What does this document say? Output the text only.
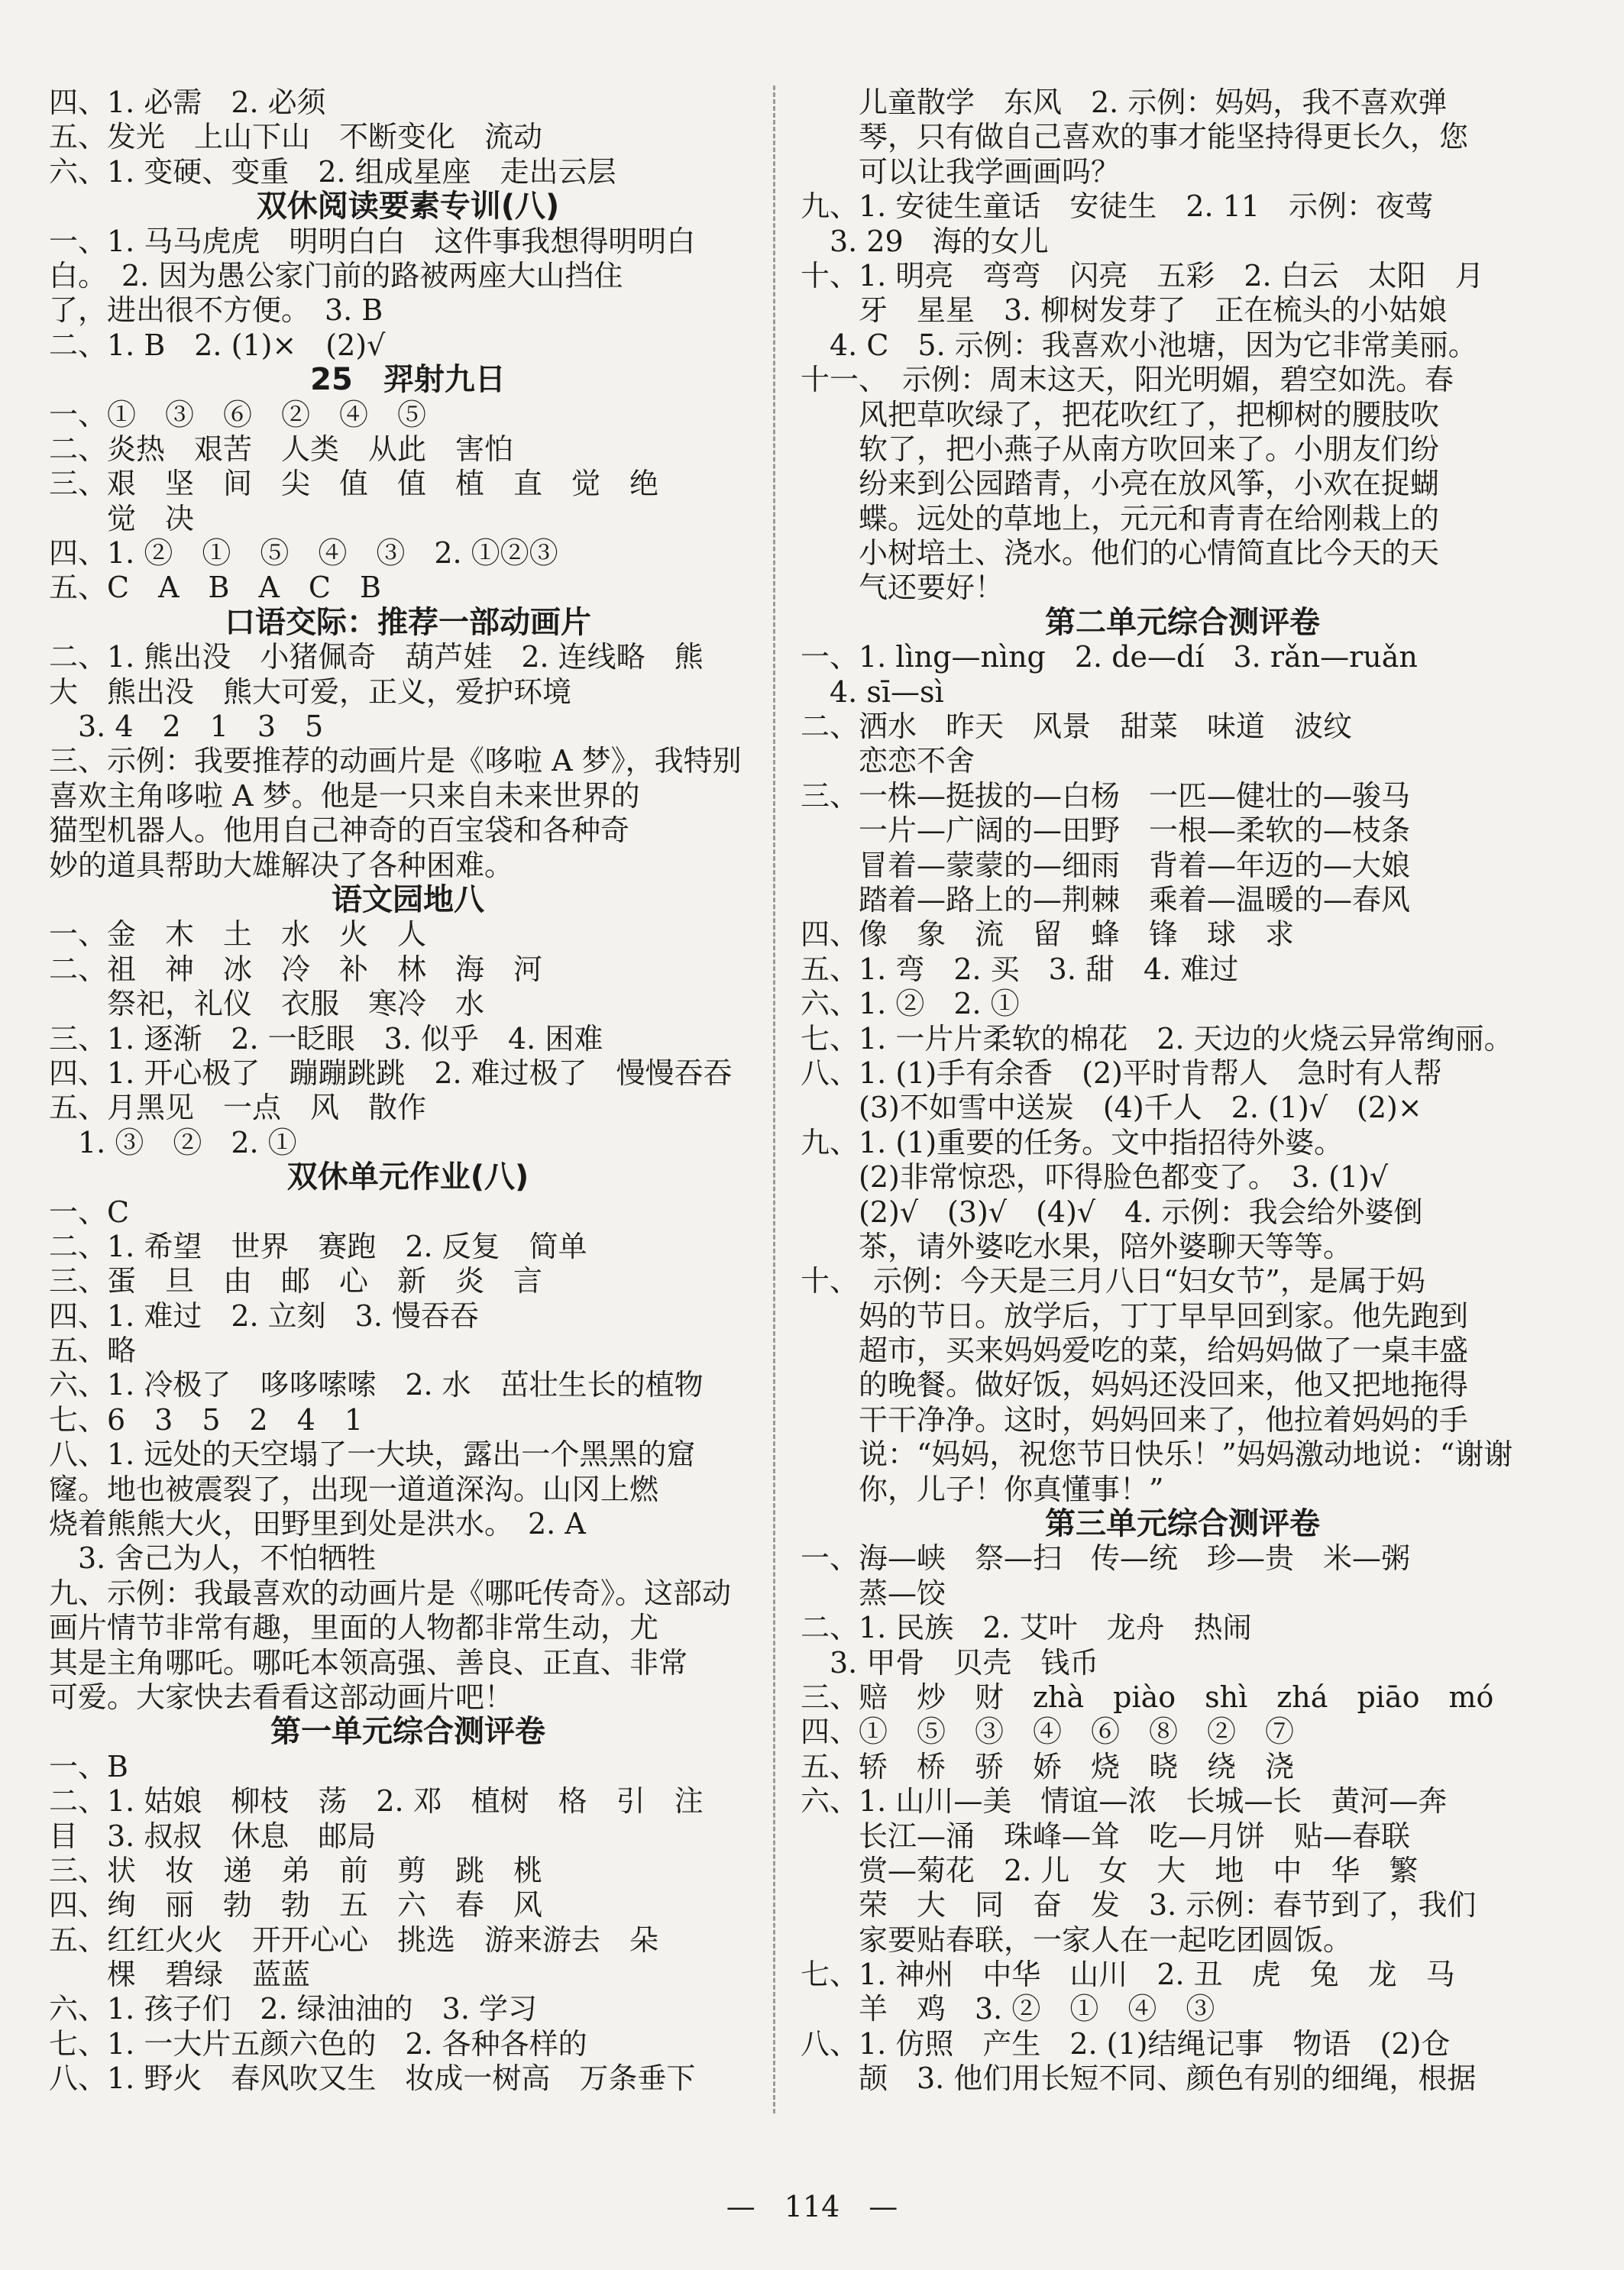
四、1. 必需　2. 必须
五、发光　上山下山　不断变化　流动
六、1. 变硬、变重　2. 组成星座　走出云层
双休阅读要素专训(八)
一、1. 马马虎虎　明明白白　这件事我想得明明白
白。　2. 因为愚公家门前的路被两座大山挡住
了，进出很不方便。　3. B
二、1. B　2. (1)×　(2)√
25　羿射九日
一、①　③　⑥　②　④　⑤
二、炎热　艰苦　人类　从此　害怕
三、艰　坚　间　尖　值　值　植　直　觉　绝
　　觉　决
四、1. ②　①　⑤　④　③　2. ①②③
五、C　A　B　A　C　B
口语交际：推荐一部动画片
二、1. 熊出没　小猪佩奇　葫芦娃　2. 连线略　熊
大　熊出没　熊大可爱，正义，爱护环境
　3. 4　2　1　3　5
三、示例：我要推荐的动画片是《哆啦 A 梦》，我特别
喜欢主角哆啦 A 梦。他是一只来自未来世界的
猫型机器人。他用自己神奇的百宝袋和各种奇
妙的道具帮助大雄解决了各种困难。
语文园地八
一、金　木　土　水　火　人
二、祖　神　冰　冷　补　林　海　河
　　祭祀，礼仪　衣服　寒冷　水
三、1. 逐渐　2. 一眨眼　3. 似乎　4. 困难
四、1. 开心极了　蹦蹦跳跳　2. 难过极了　慢慢吞吞
五、月黑见　一点　风　散作
　1. ③　②　2. ①
双休单元作业(八)
一、C
二、1. 希望　世界　赛跑　2. 反复　简单
三、蛋　旦　由　邮　心　新　炎　言
四、1. 难过　2. 立刻　3. 慢吞吞
五、略
六、1. 冷极了　哆哆嗦嗦　2. 水　茁壮生长的植物
七、6　3　5　2　4　1
八、1. 远处的天空塌了一大块，露出一个黑黑的窟
窿。地也被震裂了，出现一道道深沟。山冈上燃
烧着熊熊大火，田野里到处是洪水。　2. A
　3. 舍己为人，不怕牺牲
九、示例：我最喜欢的动画片是《哪吒传奇》。这部动
画片情节非常有趣，里面的人物都非常生动，尤
其是主角哪吒。哪吒本领高强、善良、正直、非常
可爱。大家快去看看这部动画片吧！
第一单元综合测评卷
一、B
二、1. 姑娘　柳枝　荡　2. 邓　植树　格　引　注
目　3. 叔叔　休息　邮局
三、状　妆　递　弟　前　剪　跳　桃
四、绚　丽　勃　勃　五　六　春　风
五、红红火火　开开心心　挑选　游来游去　朵
　　棵　碧绿　蓝蓝
六、1. 孩子们　2. 绿油油的　3. 学习
七、1. 一大片五颜六色的　2. 各种各样的
八、1. 野火　春风吹又生　妆成一树高　万条垂下
　　儿童散学　东风　2. 示例：妈妈，我不喜欢弹
　　琴，只有做自己喜欢的事才能坚持得更长久，您
　　可以让我学画画吗？
九、1. 安徒生童话　安徒生　2. 11　示例：夜莺
　3. 29　海的女儿
十、1. 明亮　弯弯　闪亮　五彩　2. 白云　太阳　月
　　牙　星星　3. 柳树发芽了　正在梳头的小姑娘
　4. C　5. 示例：我喜欢小池塘，因为它非常美丽。
十一、　示例：周末这天，阳光明媚，碧空如洗。春
　　风把草吹绿了，把花吹红了，把柳树的腰肢吹
　　软了，把小燕子从南方吹回来了。小朋友们纷
　　纷来到公园踏青，小亮在放风筝，小欢在捉蝴
　　蝶。远处的草地上，元元和青青在给刚栽上的
　　小树培土、浇水。他们的心情简直比今天的天
　　气还要好！
第二单元综合测评卷
一、1. lìng—nìng　2. de—dí　3. rǎn—ruǎn
　4. sī—sì
二、洒水　昨天　风景　甜菜　味道　波纹
　　恋恋不舍
三、一株—挺拔的—白杨　一匹—健壮的—骏马
　　一片—广阔的—田野　一根—柔软的—枝条
　　冒着—蒙蒙的—细雨　背着—年迈的—大娘
　　踏着—路上的—荆棘　乘着—温暖的—春风
四、像　象　流　留　蜂　锋　球　求
五、1. 弯　2. 买　3. 甜　4. 难过
六、1. ②　2. ①
七、1. 一片片柔软的棉花　2. 天边的火烧云异常绚丽。
八、1. (1)手有余香　(2)平时肯帮人　急时有人帮
　　(3)不如雪中送炭　(4)千人　2. (1)√　(2)×
九、1. (1)重要的任务。文中指招待外婆。
　　(2)非常惊恐，吓得脸色都变了。　3. (1)√
　　(2)√　(3)√　(4)√　4. 示例：我会给外婆倒
　　茶，请外婆吃水果，陪外婆聊天等等。
十、　示例：今天是三月八日“妇女节”，是属于妈
　　妈的节日。放学后，丁丁早早回到家。他先跑到
　　超市，买来妈妈爱吃的菜，给妈妈做了一桌丰盛
　　的晚餐。做好饭，妈妈还没回来，他又把地拖得
　　干干净净。这时，妈妈回来了，他拉着妈妈的手
　　说：“妈妈，祝您节日快乐！”妈妈激动地说：“谢谢
　　你，儿子！你真懂事！”
第三单元综合测评卷
一、海—峡　祭—扫　传—统　珍—贵　米—粥
　　蒸—饺
二、1. 民族　2. 艾叶　龙舟　热闹
　3. 甲骨　贝壳　钱币
三、赔　炒　财　zhà　piào　shì　zhá　piāo　mó
四、①　⑤　③　④　⑥　⑧　②　⑦
五、轿　桥　骄　娇　烧　晓　绕　浇
六、1. 山川—美　情谊—浓　长城—长　黄河—奔
　　长江—涌　珠峰—耸　吃—月饼　贴—春联
　　赏—菊花　2. 儿　女　大　地　中　华　繁
　　荣　大　同　奋　发　3. 示例：春节到了，我们
　　家要贴春联，一家人在一起吃团圆饭。
七、1. 神州　中华　山川　2. 丑　虎　兔　龙　马
　　羊　鸡　3. ②　①　④　③
八、1. 仿照　产生　2. (1)结绳记事　物语　(2)仓
　　颉　3. 他们用长短不同、颜色有别的细绳，根据
—　114　—
